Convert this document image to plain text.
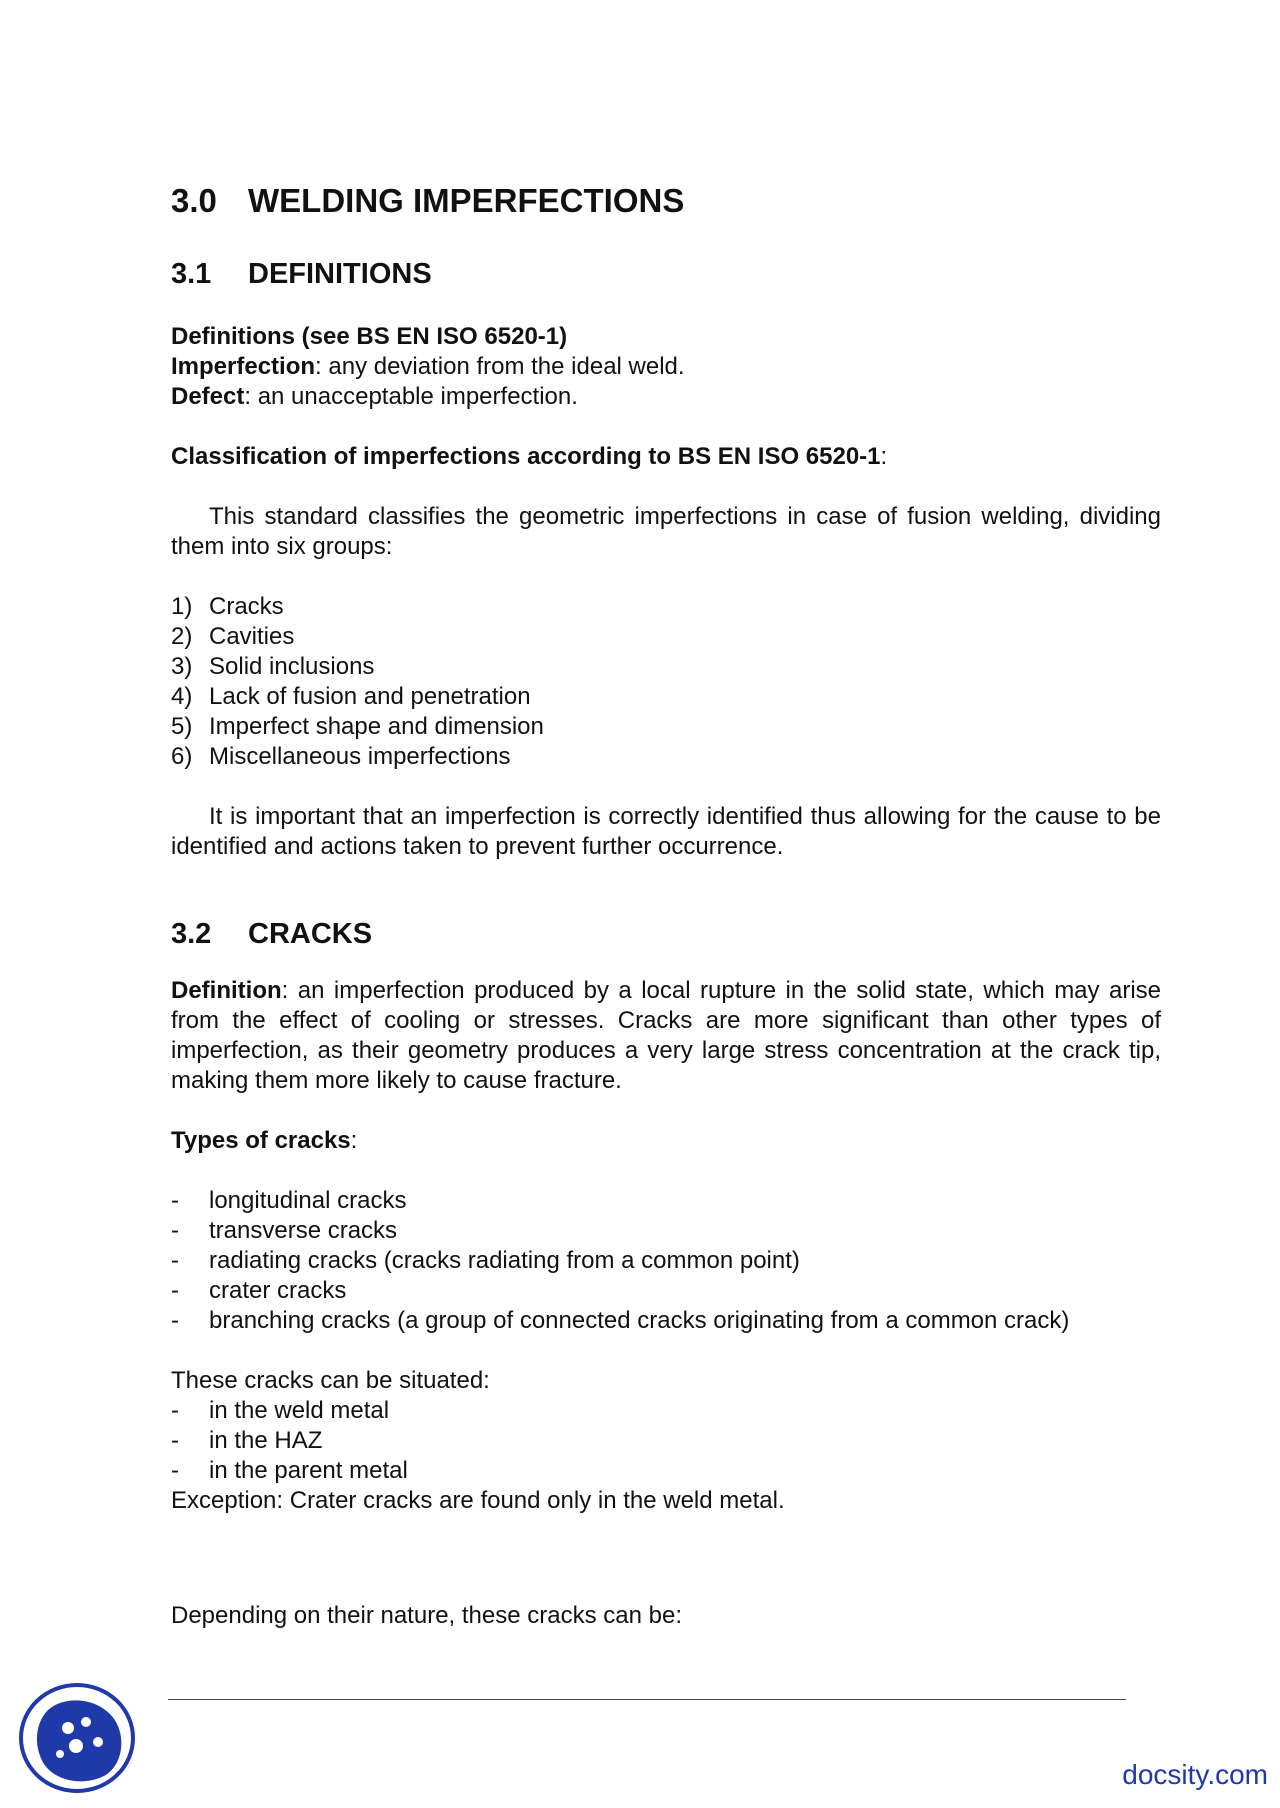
3.0 WELDING IMPERFECTIONS
3.1 DEFINITIONS

Definitions (see BS EN ISO 6520-1)

Imperfection: any deviation from the ideal weld.

Defect: an unacceptable imperfection.

Classification of imperfections according to BS EN ISO 6520-1:

This standard classifies the geometric imperfections in case of fusion welding, dividing them into six groups:

1) Cracks
2) Cavities
3) Solid inclusions
4) Lack of fusion and penetration
5) Imperfect shape and dimension
6) Miscellaneous imperfections

It is important that an imperfection is correctly identified thus allowing for the cause to be identified and actions taken to prevent further occurrence.

3.2 CRACKS

Definition: an imperfection produced by a local rupture in the solid state, which may arise from the effect of cooling or stresses. Cracks are more significant than other types of imperfection, as their geometry produces a very large stress concentration at the crack tip, making them more likely to cause fracture.

Types of cracks:

- longitudinal cracks
- transverse cracks
- radiating cracks (cracks radiating from a common point)
- crater cracks
- branching cracks (a group of connected cracks originating from a common crack)

These cracks can be situated:

- in the weld metal
- in the HAZ
- in the parent metal

Exception: Crater cracks are found only in the weld metal.

Depending on their nature, these cracks can be:

docsity.com
